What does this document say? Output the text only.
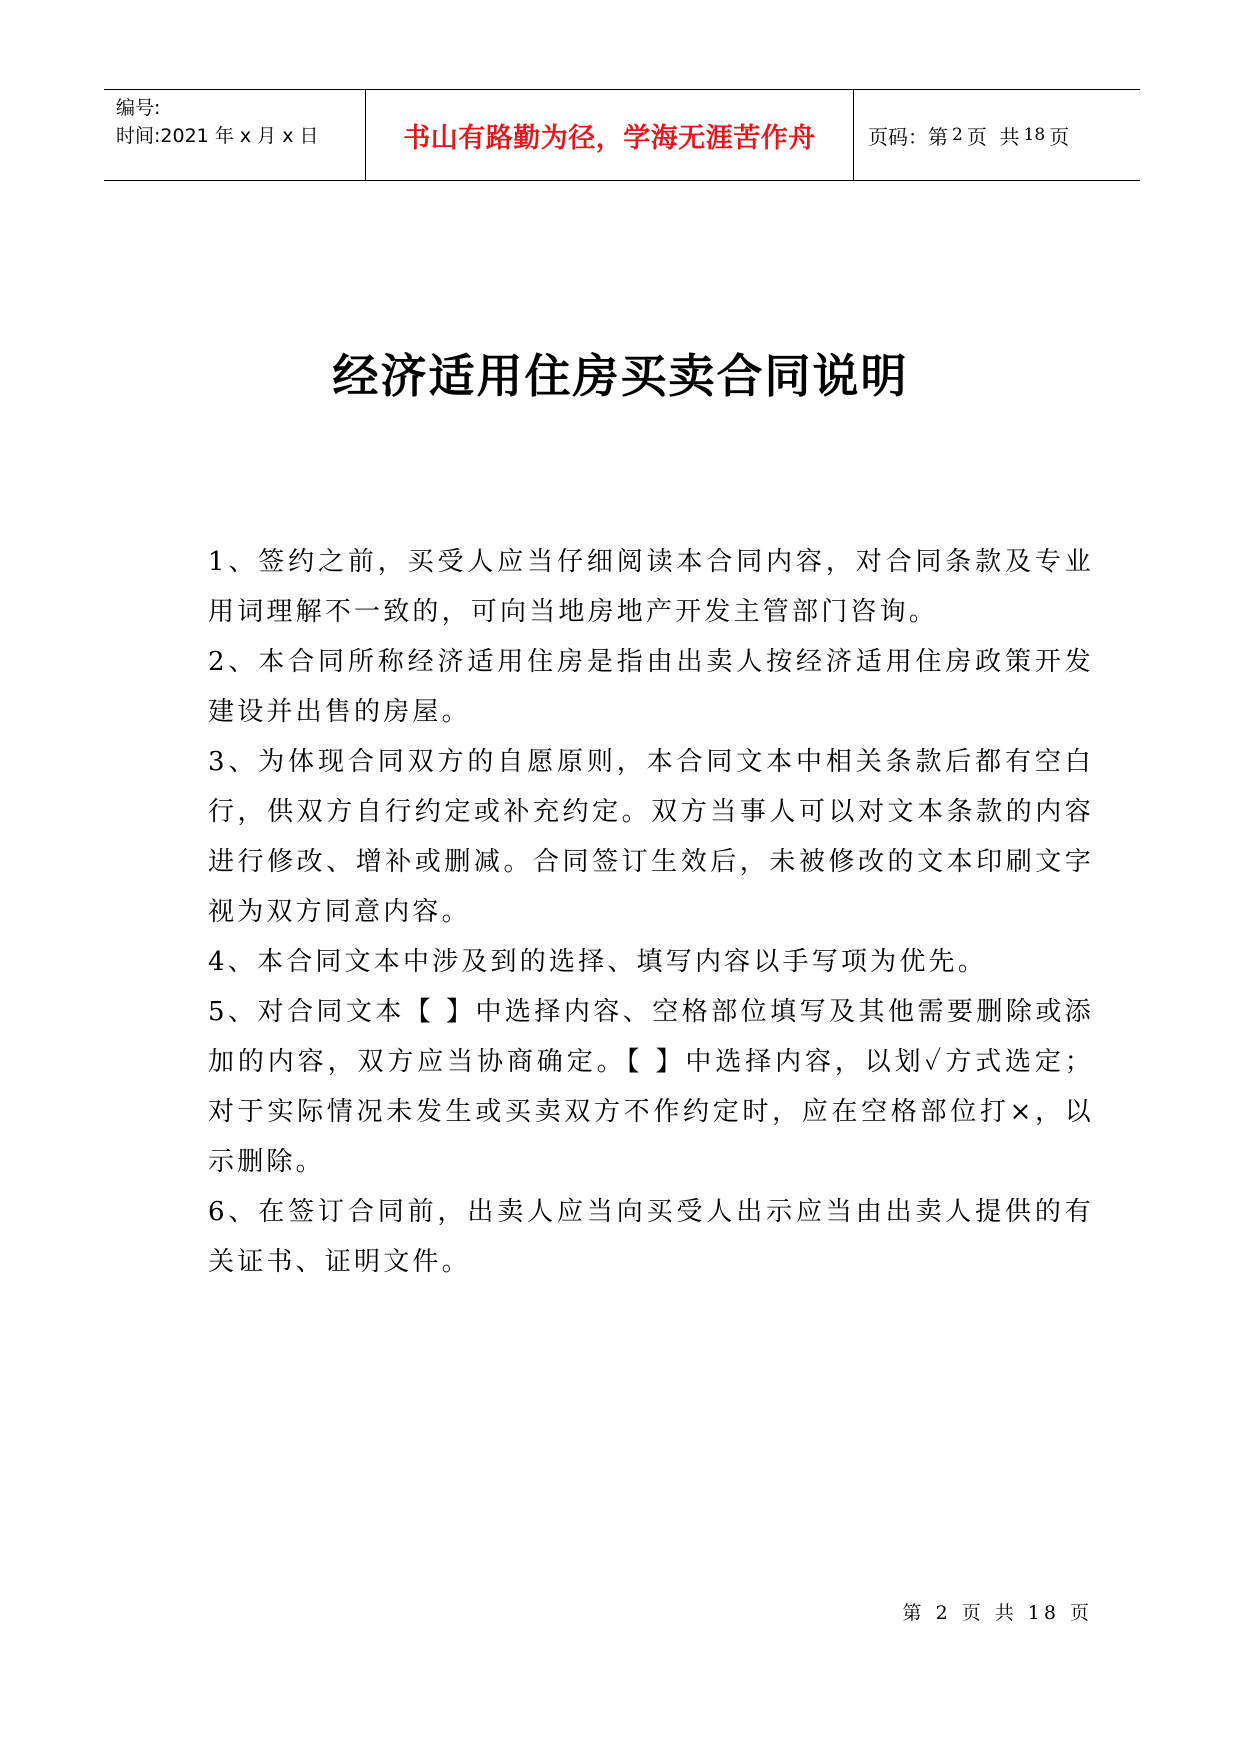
编号:
时间:2021 年 x 月 x 日	书山有路勤为径，学海无涯苦作舟	页码：第 2 页  共 18 页
经济适用住房买卖合同说明

1、签约之前，买受人应当仔细阅读本合同内容，对合同条款及专业用词理解不一致的，可向当地房地产开发主管部门咨询。

2、本合同所称经济适用住房是指由出卖人按经济适用住房政策开发建设并出售的房屋。

3、为体现合同双方的自愿原则，本合同文本中相关条款后都有空白行，供双方自行约定或补充约定。双方当事人可以对文本条款的内容进行修改、增补或删减。合同签订生效后，未被修改的文本印刷文字视为双方同意内容。

4、本合同文本中涉及到的选择、填写内容以手写项为优先。

5、对合同文本【 】中选择内容、空格部位填写及其他需要删除或添加的内容，双方应当协商确定。【 】中选择内容，以划✓方式选定；对于实际情况未发生或买卖双方不作约定时，应在空格部位打×，以示删除。

6、在签订合同前，出卖人应当向买受人出示应当由出卖人提供的有关证书、证明文件。

第 2 页 共 18 页
